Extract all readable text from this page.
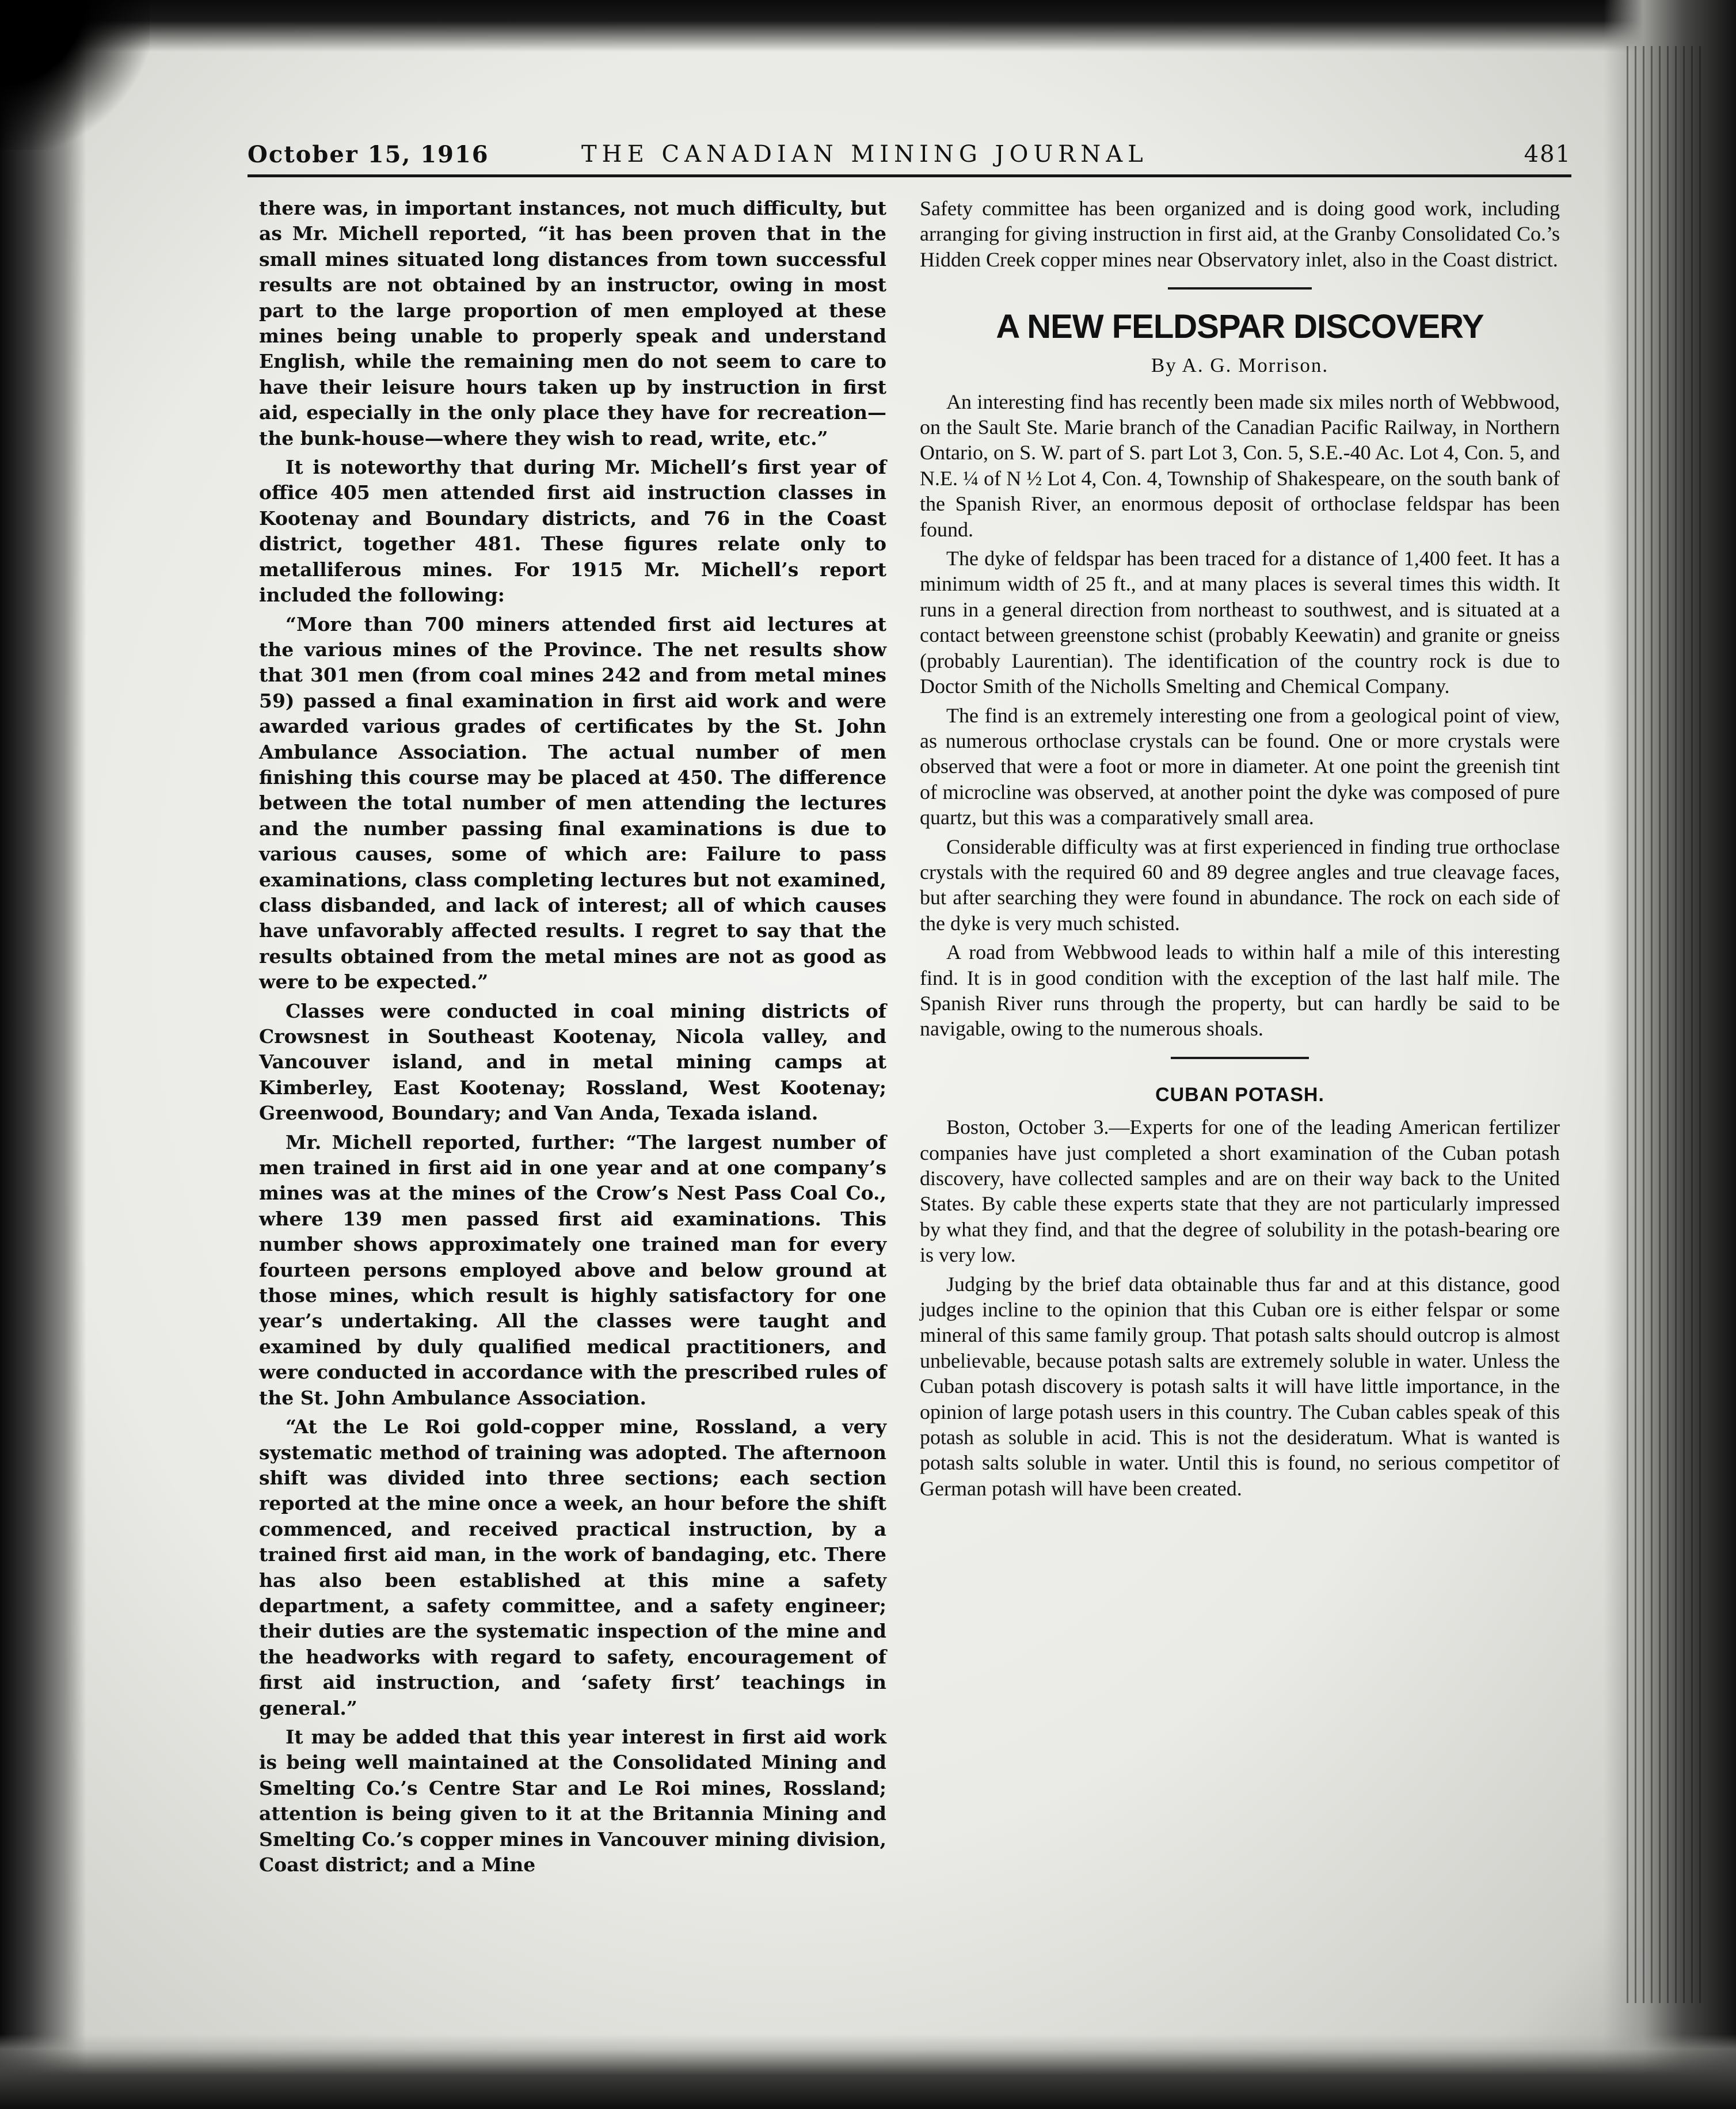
October 15, 1916	THE CANADIAN MINING JOURNAL	481

there was, in important instances, not much difficulty, but as Mr. Michell reported, “it has been proven that in the small mines situated long distances from town successful results are not obtained by an instructor, owing in most part to the large proportion of men employed at these mines being unable to properly speak and understand English, while the remaining men do not seem to care to have their leisure hours taken up by instruction in first aid, especially in the only place they have for recreation—the bunk-house—where they wish to read, write, etc.”

It is noteworthy that during Mr. Michell’s first year of office 405 men attended first aid instruction classes in Kootenay and Boundary districts, and 76 in the Coast district, together 481. These figures relate only to metalliferous mines. For 1915 Mr. Michell’s report included the following:

“More than 700 miners attended first aid lectures at the various mines of the Province. The net results show that 301 men (from coal mines 242 and from metal mines 59) passed a final examination in first aid work and were awarded various grades of certificates by the St. John Ambulance Association. The actual number of men finishing this course may be placed at 450. The difference between the total number of men attending the lectures and the number passing final examinations is due to various causes, some of which are: Failure to pass examinations, class completing lectures but not examined, class disbanded, and lack of interest; all of which causes have unfavorably affected results. I regret to say that the results obtained from the metal mines are not as good as were to be expected.”

Classes were conducted in coal mining districts of Crowsnest in Southeast Kootenay, Nicola valley, and Vancouver island, and in metal mining camps at Kimberley, East Kootenay; Rossland, West Kootenay; Greenwood, Boundary; and Van Anda, Texada island.

Mr. Michell reported, further: “The largest number of men trained in first aid in one year and at one company’s mines was at the mines of the Crow’s Nest Pass Coal Co., where 139 men passed first aid examinations. This number shows approximately one trained man for every fourteen persons employed above and below ground at those mines, which result is highly satisfactory for one year’s undertaking. All the classes were taught and examined by duly qualified medical practitioners, and were conducted in accordance with the prescribed rules of the St. John Ambulance Association.

“At the Le Roi gold-copper mine, Rossland, a very systematic method of training was adopted. The afternoon shift was divided into three sections; each section reported at the mine once a week, an hour before the shift commenced, and received practical instruction, by a trained first aid man, in the work of bandaging, etc. There has also been established at this mine a safety department, a safety committee, and a safety engineer; their duties are the systematic inspection of the mine and the headworks with regard to safety, encouragement of first aid instruction, and ‘safety first’ teachings in general.”

It may be added that this year interest in first aid work is being well maintained at the Consolidated Mining and Smelting Co.’s Centre Star and Le Roi mines, Rossland; attention is being given to it at the Britannia Mining and Smelting Co.’s copper mines in Vancouver mining division, Coast district; and a Mine

Safety committee has been organized and is doing good work, including arranging for giving instruction in first aid, at the Granby Consolidated Co.’s Hidden Creek copper mines near Observatory inlet, also in the Coast district.

A NEW FELDSPAR DISCOVERY
By A. G. Morrison.

An interesting find has recently been made six miles north of Webbwood, on the Sault Ste. Marie branch of the Canadian Pacific Railway, in Northern Ontario, on S. W. part of S. part Lot 3, Con. 5, S.E.-40 Ac. Lot 4, Con. 5, and N.E. ¼ of N ½ Lot 4, Con. 4, Township of Shakespeare, on the south bank of the Spanish River, an enormous deposit of orthoclase feldspar has been found.

The dyke of feldspar has been traced for a distance of 1,400 feet. It has a minimum width of 25 ft., and at many places is several times this width. It runs in a general direction from northeast to southwest, and is situated at a contact between greenstone schist (probably Keewatin) and granite or gneiss (probably Laurentian). The identification of the country rock is due to Doctor Smith of the Nicholls Smelting and Chemical Company.

The find is an extremely interesting one from a geological point of view, as numerous orthoclase crystals can be found. One or more crystals were observed that were a foot or more in diameter. At one point the greenish tint of microcline was observed, at another point the dyke was composed of pure quartz, but this was a comparatively small area.

Considerable difficulty was at first experienced in finding true orthoclase crystals with the required 60 and 89 degree angles and true cleavage faces, but after searching they were found in abundance. The rock on each side of the dyke is very much schisted.

A road from Webbwood leads to within half a mile of this interesting find. It is in good condition with the exception of the last half mile. The Spanish River runs through the property, but can hardly be said to be navigable, owing to the numerous shoals.

CUBAN POTASH.

Boston, October 3.—Experts for one of the leading American fertilizer companies have just completed a short examination of the Cuban potash discovery, have collected samples and are on their way back to the United States. By cable these experts state that they are not particularly impressed by what they find, and that the degree of solubility in the potash-bearing ore is very low.

Judging by the brief data obtainable thus far and at this distance, good judges incline to the opinion that this Cuban ore is either felspar or some mineral of this same family group. That potash salts should outcrop is almost unbelievable, because potash salts are extremely soluble in water. Unless the Cuban potash discovery is potash salts it will have little importance, in the opinion of large potash users in this country. The Cuban cables speak of this potash as soluble in acid. This is not the desideratum. What is wanted is potash salts soluble in water. Until this is found, no serious competitor of German potash will have been created.
